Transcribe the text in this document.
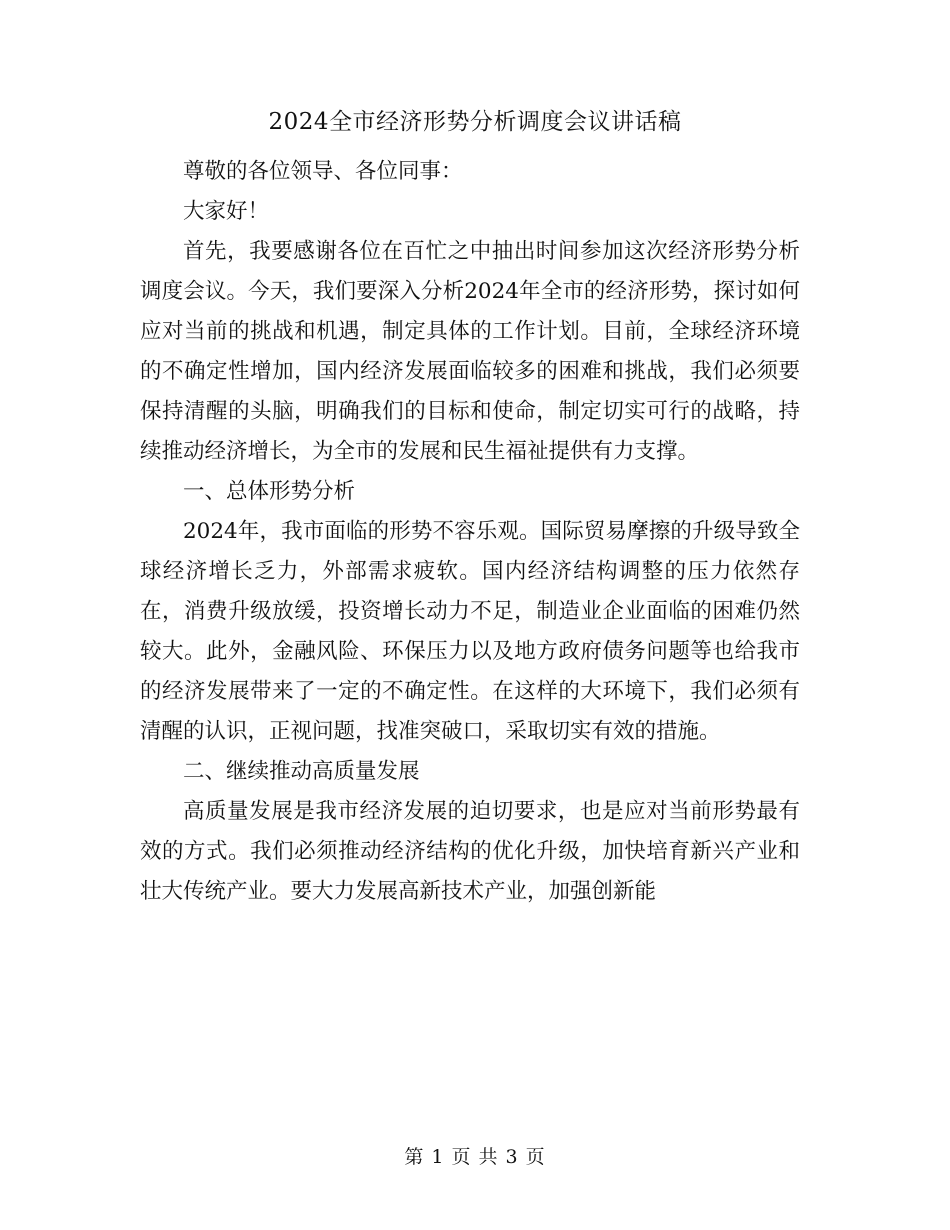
2024全市经济形势分析调度会议讲话稿

尊敬的各位领导、各位同事：

大家好！

首先，我要感谢各位在百忙之中抽出时间参加这次经济形势分析调度会议。今天，我们要深入分析2024年全市的经济形势，探讨如何应对当前的挑战和机遇，制定具体的工作计划。目前，全球经济环境的不确定性增加，国内经济发展面临较多的困难和挑战，我们必须要保持清醒的头脑，明确我们的目标和使命，制定切实可行的战略，持续推动经济增长，为全市的发展和民生福祉提供有力支撑。

一、总体形势分析

2024年，我市面临的形势不容乐观。国际贸易摩擦的升级导致全球经济增长乏力，外部需求疲软。国内经济结构调整的压力依然存在，消费升级放缓，投资增长动力不足，制造业企业面临的困难仍然较大。此外，金融风险、环保压力以及地方政府债务问题等也给我市的经济发展带来了一定的不确定性。在这样的大环境下，我们必须有清醒的认识，正视问题，找准突破口，采取切实有效的措施。

二、继续推动高质量发展

高质量发展是我市经济发展的迫切要求，也是应对当前形势最有效的方式。我们必须推动经济结构的优化升级，加快培育新兴产业和壮大传统产业。要大力发展高新技术产业，加强创新能

第 1 页 共 3 页
